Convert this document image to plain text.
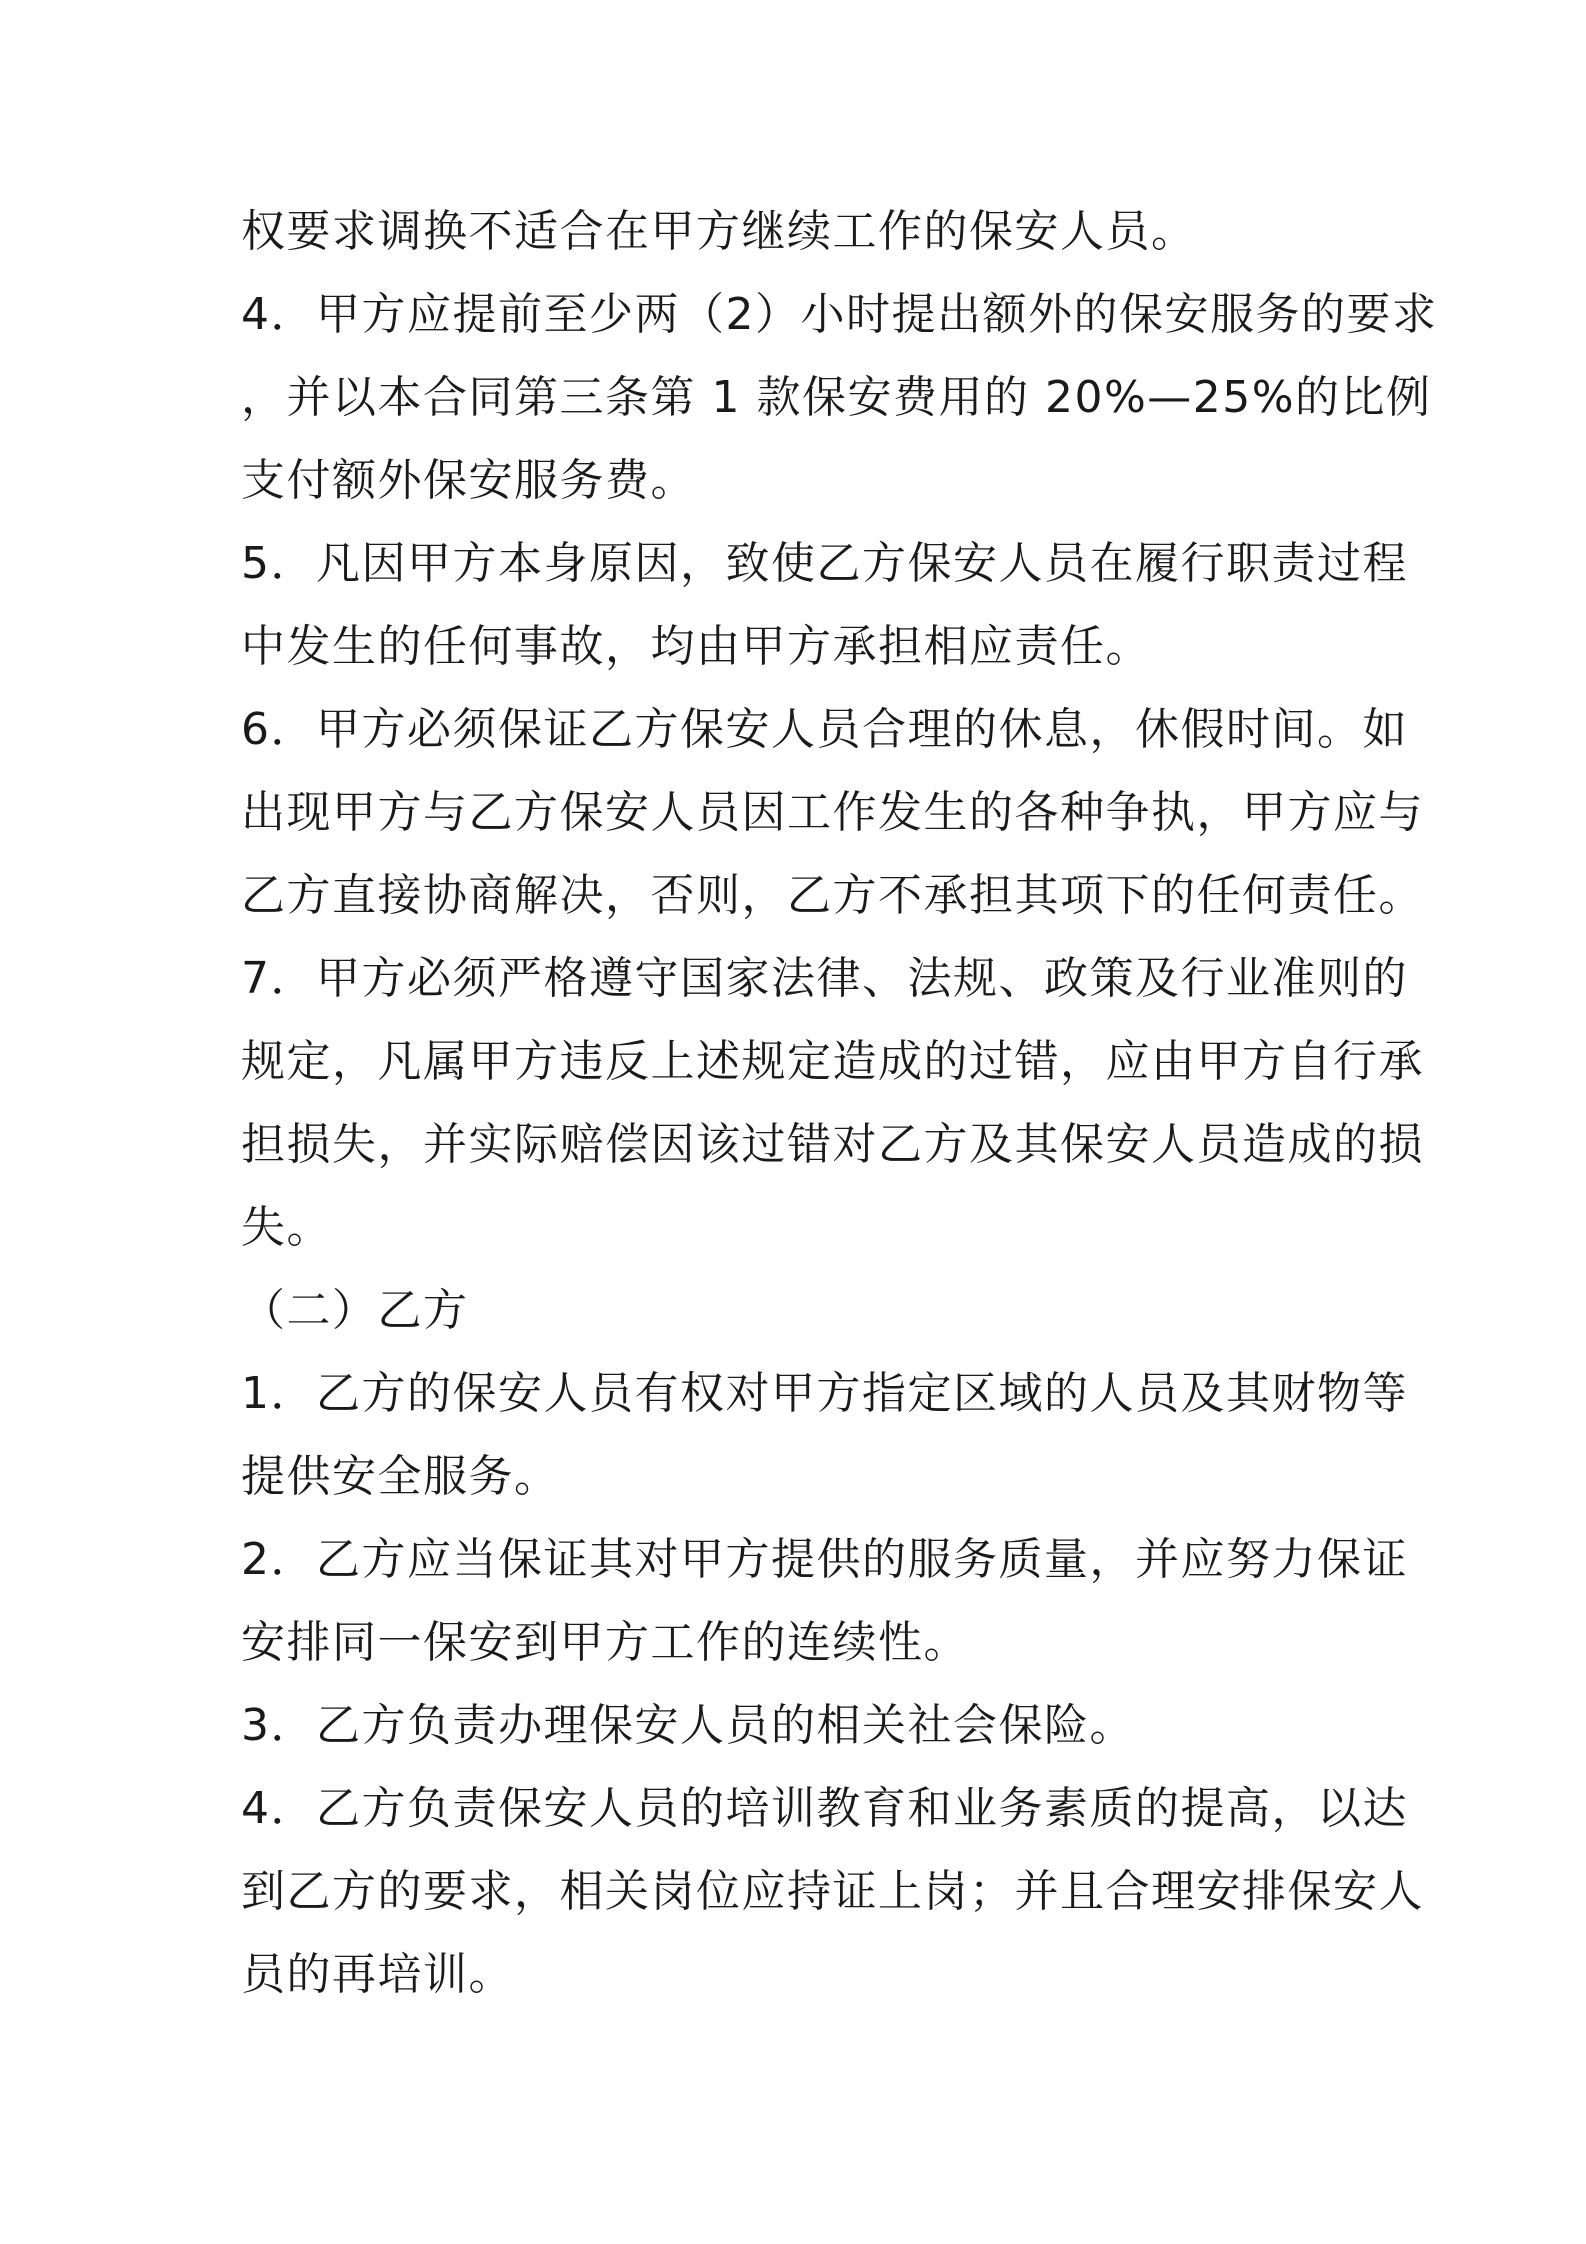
权要求调换不适合在甲方继续工作的保安人员。
4．甲方应提前至少两（2）小时提出额外的保安服务的要求
，并以本合同第三条第 1 款保安费用的 20%—25%的比例
支付额外保安服务费。
5．凡因甲方本身原因，致使乙方保安人员在履行职责过程
中发生的任何事故，均由甲方承担相应责任。
6．甲方必须保证乙方保安人员合理的休息，休假时间。如
出现甲方与乙方保安人员因工作发生的各种争执，甲方应与
乙方直接协商解决，否则，乙方不承担其项下的任何责任。
7．甲方必须严格遵守国家法律、法规、政策及行业准则的
规定，凡属甲方违反上述规定造成的过错，应由甲方自行承
担损失，并实际赔偿因该过错对乙方及其保安人员造成的损
失。
（二）乙方
1．乙方的保安人员有权对甲方指定区域的人员及其财物等
提供安全服务。
2．乙方应当保证其对甲方提供的服务质量，并应努力保证
安排同一保安到甲方工作的连续性。
3．乙方负责办理保安人员的相关社会保险。
4．乙方负责保安人员的培训教育和业务素质的提高，以达
到乙方的要求，相关岗位应持证上岗；并且合理安排保安人
员的再培训。
